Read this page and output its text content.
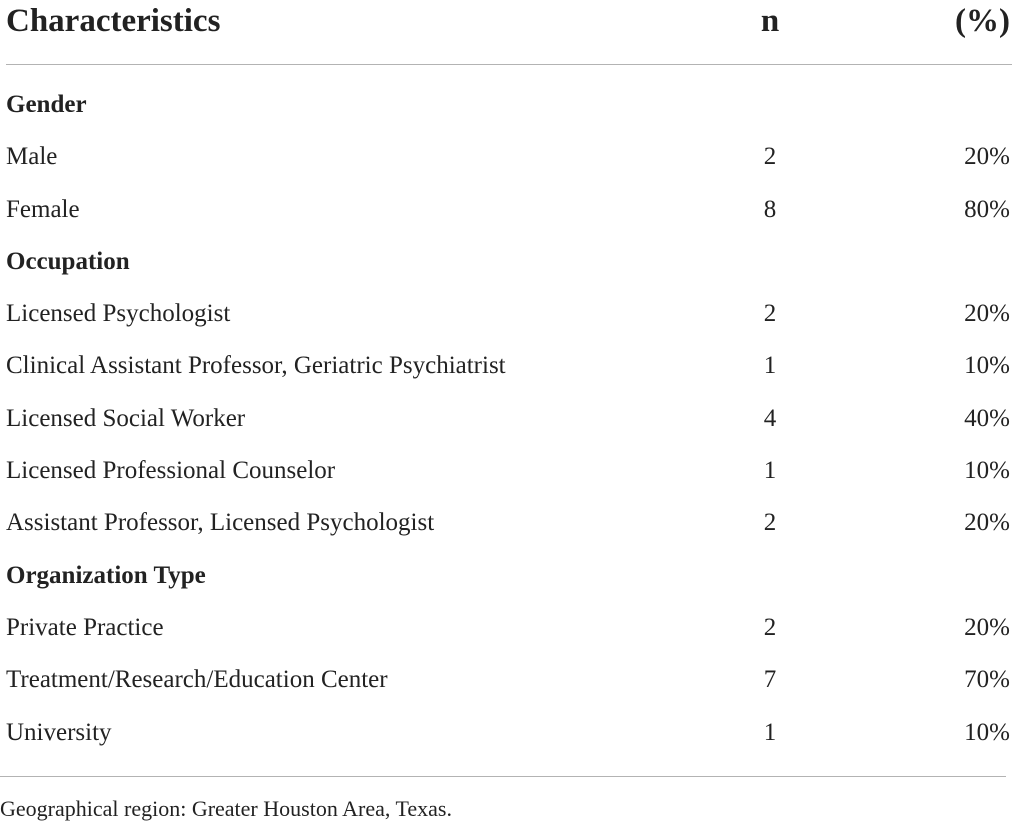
Characteristics	n	(%)
Gender
Male	2	20%
Female	8	80%
Occupation
Licensed Psychologist	2	20%
Clinical Assistant Professor, Geriatric Psychiatrist	1	10%
Licensed Social Worker	4	40%
Licensed Professional Counselor	1	10%
Assistant Professor, Licensed Psychologist	2	20%
Organization Type
Private Practice	2	20%
Treatment/Research/Education Center	7	70%
University	1	10%
Geographical region: Greater Houston Area, Texas.
